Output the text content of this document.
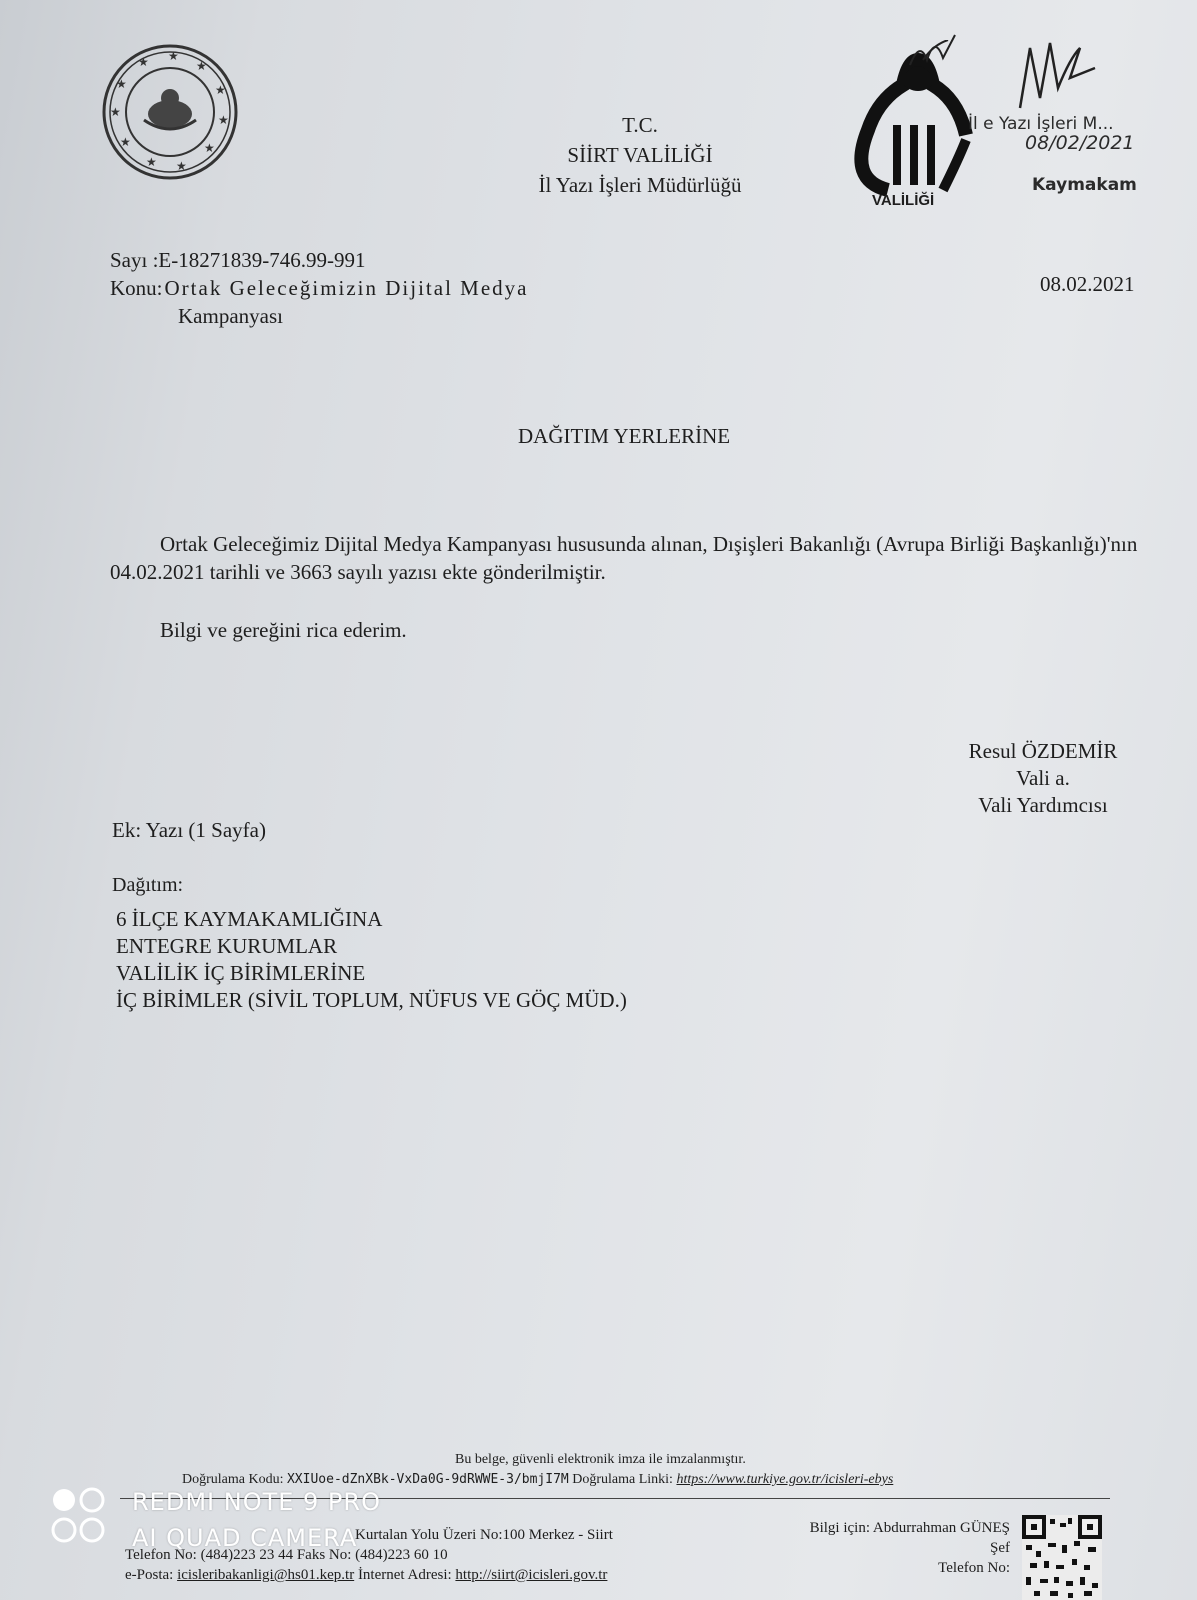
★
★
★
★
★
★
★
★
★
★
★
VALİLİĞİ
T.C.
SİİRT VALİLİĞİ
İl Yazı İşleri Müdürlüğü
İl e Yazı İşleri M...
08/02/2021
Kaymakam
Sayı :E-18271839-746.99-991
Konu:Ortak Geleceğimizin Dijital Medya
Kampanyası
08.02.2021
DAĞITIM YERLERİNE

Ortak Geleceğimiz Dijital Medya Kampanyası hususunda alınan, Dışişleri Bakanlığı (Avrupa Birliği Başkanlığı)'nın 04.02.2021 tarihli ve 3663 sayılı yazısı ekte gönderilmiştir.

Bilgi ve gereğini rica ederim.
Resul ÖZDEMİR
Vali a.
Vali Yardımcısı
Ek: Yazı (1 Sayfa)
Dağıtım:
6 İLÇE KAYMAKAMLIĞINA
ENTEGRE KURUMLAR
VALİLİK İÇ BİRİMLERİNE
İÇ BİRİMLER (SİVİL TOPLUM, NÜFUS VE GÖÇ MÜD.)
Bu belge, güvenli elektronik imza ile imzalanmıştır.
Doğrulama Kodu: XXIUoe-dZnXBk-VxDa0G-9dRWWE-3/bmjI7M Doğrulama Linki: https://www.turkiye.gov.tr/icisleri-ebys
Kurtalan Yolu Üzeri No:100 Merkez - Siirt
Telefon No: (484)223 23 44 Faks No: (484)223 60 10
e-Posta: icisleribakanligi@hs01.kep.tr İnternet Adresi: http://siirt@icisleri.gov.tr
Bilgi için: Abdurrahman GÜNEŞ
Şef
Telefon No:
REDMI NOTE 9 PRO
AI QUAD CAMERA
